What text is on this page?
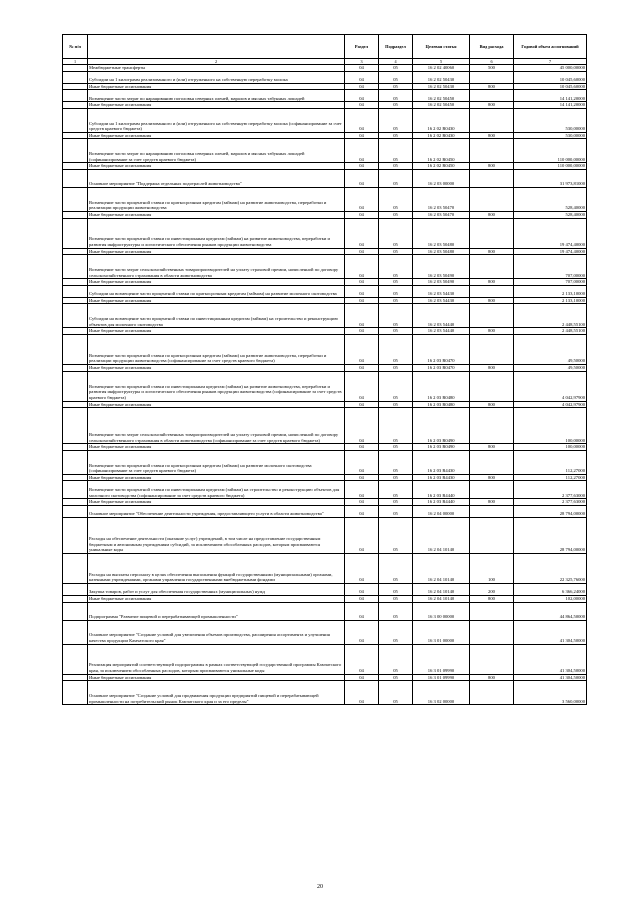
№ п/п		Раздел	Подраздел	Целевая статья	Вид расхода	Годовой объем ассигнований
1	2	3	4	5	6	7
	Межбюджетные трансферты	04	05	16 2 02 40060	500	45 000,00000
	Субсидии на 1 килограмм реализованного и (или) отгруженного на собственную переработку молока	04	05	16 2 02 50430		10 045,60000
	Иные бюджетные ассигнования	04	05	16 2 02 50430	800	10 045,60000
	Возмещение части затрат по наращиванию поголовья северных оленей, маралов и мясных табунных лошадей	04	05	16 2 02 50450		14 141,20000
	Иные бюджетные ассигнования	04	05	16 2 02 50450	800	14 141,20000
	Субсидии на 1 килограмм реализованного и (или) отгруженного на собственную переработку молока (софинансирование за счет средств краевого бюджета)	04	05	16 2 02 R0430		530,00000
	Иные бюджетные ассигнования	04	05	16 2 02 R0430	800	530,00000
	Возмещение части затрат по наращиванию поголовья северных оленей, маралов и мясных табунных лошадей (софинансирование за счет средств краевого бюджета)	04	05	16 2 02 R0450		110 000,00000
	Иные бюджетные ассигнования	04	05	16 2 02 R0450	800	110 000,00000
	Основное мероприятие "Поддержка отдельных подотраслей животноводства"	04	05	16 2 03 00000		31 973,81000
	Возмещение части процентной ставки по краткосрочным кредитам (займам) на развитие животноводства, переработки и реализации продукции животноводства	04	05	16 2 03 50470		528,40000
	Иные бюджетные ассигнования	04	05	16 2 03 50470	800	528,40000
	Возмещение части процентной ставки по инвестиционным кредитам (займам) на развитие животноводства, переработки и развития инфраструктуры и логистического обеспечения рынков продукции животноводства	04	05	16 2 03 50480		19 474,40000
	Иные бюджетные ассигнования	04	05	16 2 03 50480	800	19 474,40000
	Возмещение части затрат сельскохозяйственных товаропроизводителей на уплату страховой премии, начисленной по договору сельскохозяйственного страхования в области животноводства	04	05	16 2 03 50490		707,00000
	Иные бюджетные ассигнования	04	05	16 2 03 50490	800	707,00000
	Субсидии на возмещение части процентной ставки по краткосрочным кредитам (займам) на развитие молочного скотоводства	04	05	16 2 03 54430		2 133,10000
	Иные бюджетные ассигнования	04	05	16 2 03 54430	800	2 133,10000
	Субсидии на возмещение части процентной ставки по инвестиционным кредитам (займам) на строительство и реконструкцию объектов для молочного скотоводства	04	05	16 2 03 54440		2 448,55100
	Иные бюджетные ассигнования	04	05	16 2 03 54440	800	2 448,55100
	Возмещение части процентной ставки по краткосрочным кредитам (займам) на развитие животноводства, переработки и реализации продукции животноводства (софинансирование за счет средств краевого бюджета)	04	05	16 2 03 R0470		49,50000
	Иные бюджетные ассигнования	04	05	16 2 03 R0470	800	49,50000
	Возмещение части процентной ставки по инвестиционным кредитам (займам) на развитие животноводства, переработки и развития инфраструктуры и логистического обеспечения рынков продукции животноводства (софинансирование за счет средств краевого бюджета)	04	05	16 2 03 R0480		4 042,97900
	Иные бюджетные ассигнования	04	05	16 2 03 R0480	800	4 042,97900
	Возмещение части затрат сельскохозяйственных товаропроизводителей на уплату страховой премии, начисленной по договору сельскохозяйственного страхования в области животноводства (софинансирование за счет средств краевого бюджета)	04	05	16 2 03 R0490		100,00000
	Иные бюджетные ассигнования	04	05	16 2 03 R0490	800	100,00000
	Возмещение части процентной ставки по краткосрочным кредитам (займам) на развитие молочного скотоводства (софинансирование за счет средств краевого бюджета)	04	05	16 2 03 R4430		112,27000
	Иные бюджетные ассигнования	04	05	16 2 03 R4430	800	112,27000
	Возмещение части процентной ставки по инвестиционным кредитам (займам) на строительство и реконструкцию объектов для молочного скотоводства (софинансирование за счет средств краевого бюджета)	04	05	16 2 03 R4440		2 377,63000
	Иные бюджетные ассигнования	04	05	16 2 03 R4440	800	2 377,63000
	Основное мероприятие "Обеспечение деятельности учреждения, предоставляющего услуги в области животноводства"	04	05	16 2 04 00000		28 794,00000
	Расходы на обеспечение деятельности (оказание услуг) учреждений, в том числе на предоставление государственным бюджетным и автономным учреждениям субсидий, за исключением обособленных расходов, которым присваиваются уникальные коды	04	05	16 2 04 10140		28 794,00000
	Расходы на выплаты персоналу в целях обеспечения выполнения функций государственными (муниципальными) органами, казенными учреждениями, органами управления государственными внебюджетными фондами	04	05	16 2 04 10140	100	22 325,76000
	Закупка товаров, работ и услуг для обеспечения государственных (муниципальных) нужд	04	05	16 2 04 10140	200	6 366,24000
	Иные бюджетные ассигнования	04	05	16 2 04 10140	800	102,00000
	Подпрограмма "Развитие пищевой и перерабатывающей промышленности"	04	05	16 3 00 00000		44 864,50000
	Основное мероприятие "Создание условий для увеличения объемов производства, расширения ассортимента и улучшения качества продукции Камчатского края"	04	05	16 3 01 00000		41 304,50000
	Реализация мероприятий соответствующей подпрограммы в рамках соответствующей государственной программы Камчатского края, за исключением обособленных расходов, которым присваиваются уникальные коды	04	05	16 3 01 09990		41 304,50000
	Иные бюджетные ассигнования	04	05	16 3 01 09990	800	41 304,50000
	Основное мероприятие "Создание условий для продвижения продукции предприятий пищевой и перерабатывающей промышленности на потребительский рынок Камчатского края и за его пределы"	04	05	16 3 02 00000		3 560,00000
20
